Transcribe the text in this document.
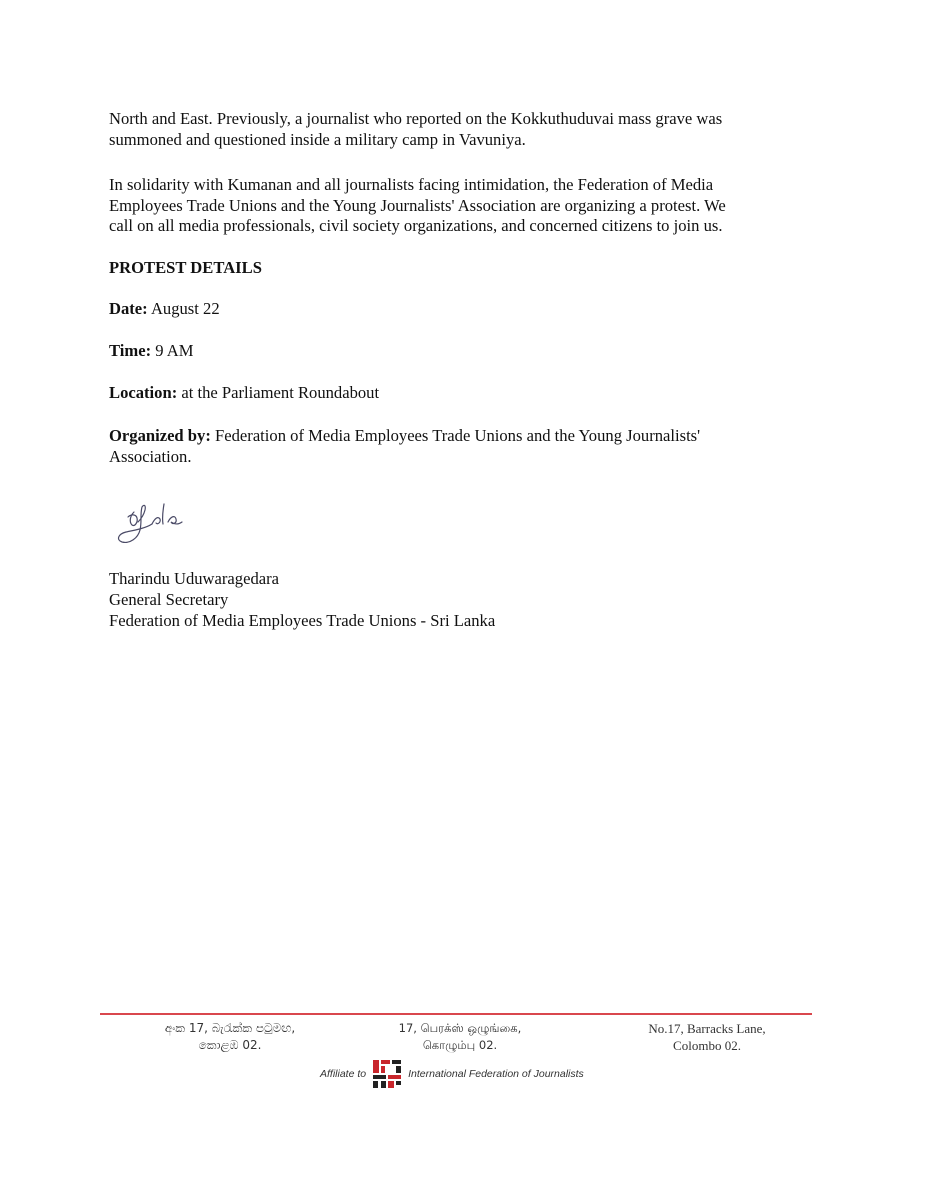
North and East. Previously, a journalist who reported on the Kokkuthuduvai mass grave was
summoned and questioned inside a military camp in Vavuniya.

In solidarity with Kumanan and all journalists facing intimidation, the Federation of Media
Employees Trade Unions and the Young Journalists' Association are organizing a protest. We
call on all media professionals, civil society organizations, and concerned citizens to join us.

PROTEST DETAILS

Date: August 22

Time: 9 AM

Location: at the Parliament Roundabout

Organized by: Federation of Media Employees Trade Unions and the Young Journalists'
Association.

Tharindu Uduwaragedara
General Secretary
Federation of Media Employees Trade Unions - Sri Lanka
අංක 17, බැරැක්ක පටුමඟ,
කොළඹ 02.
17, பெரக்ஸ் ஒழுங்கை,
கொழும்பு 02.
No.17, Barracks Lane,
Colombo 02.
Affiliate to	International Federation of Journalists
